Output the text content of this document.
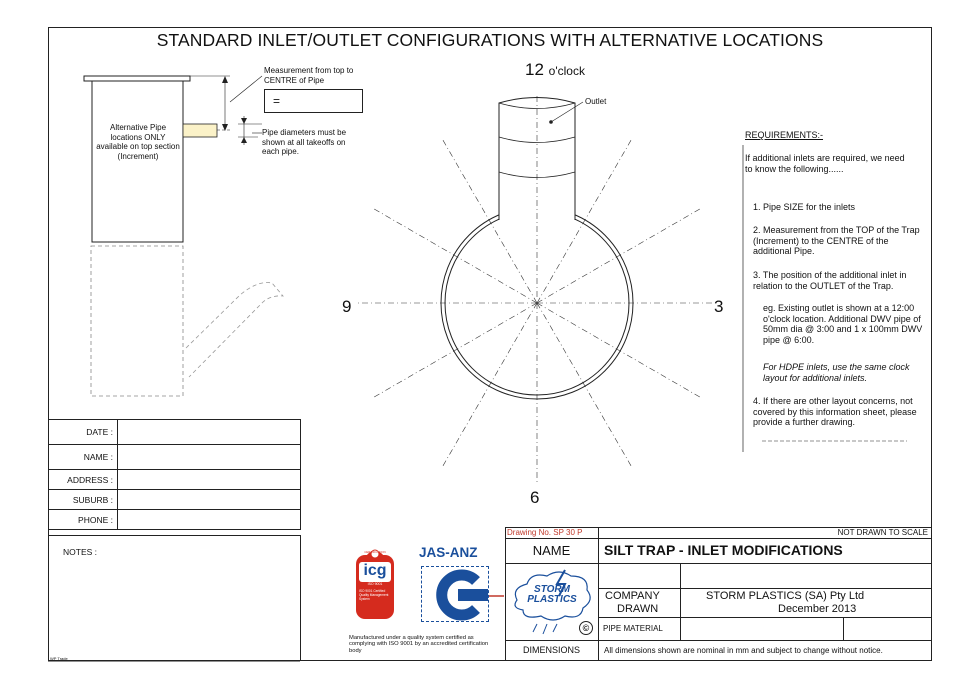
STANDARD INLET/OUTLET CONFIGURATIONS WITH ALTERNATIVE LOCATIONS
Measurement from top to CENTRE of Pipe
=
Pipe diameters must be shown at all takeoffs on each pipe.
Alternative Pipe locations ONLY available on top section (Increment)
12 o'clock
3
6
9
Outlet
REQUIREMENTS:-
If additional inlets are required, we need to know the following......
1. Pipe SIZE for the inlets
2. Measurement from the TOP of the Trap (Increment) to the CENTRE of the additional Pipe.
3. The position of the additional inlet in relation to the OUTLET of the Trap.
eg. Existing outlet is shown at a 12:00 o'clock location. Additional DWV pipe of 50mm dia @ 3:00 and 1 x 100mm DWV pipe @ 6:00.
For HDPE inlets, use the same clock layout for additional inlets.
4. If there are other layout concerns, not covered by this information sheet, please provide a further drawing.
DATE :	
NAME :	
ADDRESS :	
SUBURB :	
PHONE :	
NOTES :
WP Trade
icg
ISO 9001
ISO 9001 Certified Quality Management System
CERTIFICATION	JAS-ANZ
Manufactured under a quality system certified as complying with ISO 9001 by an accredited certification body
Drawing No. SP 30 P	NOT DRAWN TO SCALE
NAME	SILT TRAP - INLET MODIFICATIONS
STORM
PLASTICS
©
COMPANY	STORM PLASTICS (SA) Pty Ltd
DRAWN	December 2013
PIPE MATERIAL
DIMENSIONS	All dimensions shown are nominal in mm and subject to change without notice.
